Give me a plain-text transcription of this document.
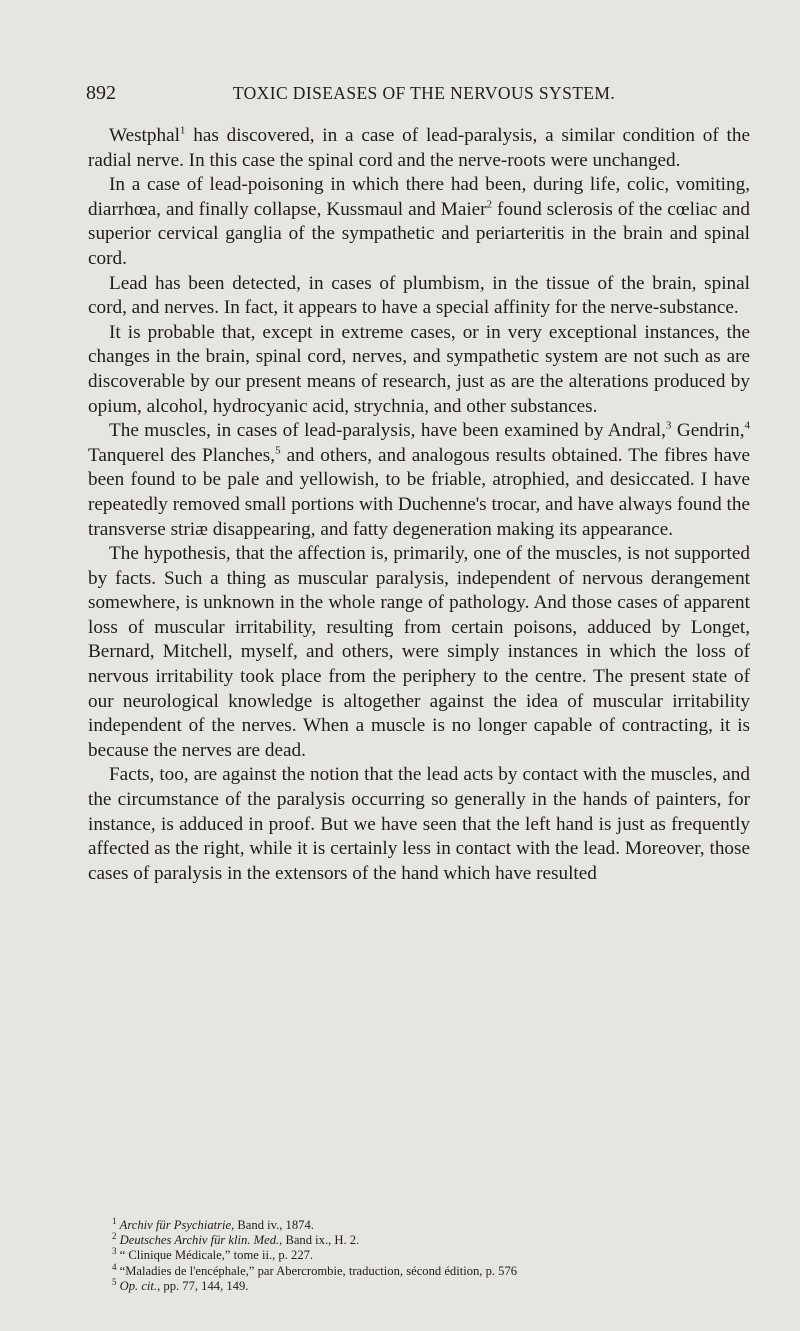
892	TOXIC DISEASES OF THE NERVOUS SYSTEM.

Westphal$^1$ has discovered, in a case of lead-paralysis, a similar condition of the radial nerve. In this case the spinal cord and the nerve-roots were unchanged.

In a case of lead-poisoning in which there had been, during life, colic, vomiting, diarrhœa, and finally collapse, Kussmaul and Maier$^2$ found sclerosis of the cœliac and superior cervical ganglia of the sympathetic and periarteritis in the brain and spinal cord.

Lead has been detected, in cases of plumbism, in the tissue of the brain, spinal cord, and nerves. In fact, it appears to have a special affinity for the nerve-substance.

It is probable that, except in extreme cases, or in very exceptional instances, the changes in the brain, spinal cord, nerves, and sympathetic system are not such as are discoverable by our present means of research, just as are the alterations produced by opium, alcohol, hydrocyanic acid, strychnia, and other substances.

The muscles, in cases of lead-paralysis, have been examined by Andral,$^3$ Gendrin,$^4$ Tanquerel des Planches,$^5$ and others, and analogous results obtained. The fibres have been found to be pale and yellowish, to be friable, atrophied, and desiccated. I have repeatedly removed small portions with Duchenne's trocar, and have always found the transverse striæ disappearing, and fatty degeneration making its appearance.

The hypothesis, that the affection is, primarily, one of the muscles, is not supported by facts. Such a thing as muscular paralysis, independent of nervous derangement somewhere, is unknown in the whole range of pathology. And those cases of apparent loss of muscular irritability, resulting from certain poisons, adduced by Longet, Bernard, Mitchell, myself, and others, were simply instances in which the loss of nervous irritability took place from the periphery to the centre. The present state of our neurological knowledge is altogether against the idea of muscular irritability independent of the nerves. When a muscle is no longer capable of contracting, it is because the nerves are dead.

Facts, too, are against the notion that the lead acts by contact with the muscles, and the circumstance of the paralysis occurring so generally in the hands of painters, for instance, is adduced in proof. But we have seen that the left hand is just as frequently affected as the right, while it is certainly less in contact with the lead. Moreover, those cases of paralysis in the extensors of the hand which have resulted

$^1$ Archiv für Psychiatrie, Band iv., 1874.
$^2$ Deutsches Archiv für klin. Med., Band ix., H. 2.
$^3$ “ Clinique Médicale,” tome ii., p. 227.
$^4$ “Maladies de l'encéphale,” par Abercrombie, traduction, sécond édition, p. 576
$^5$ Op. cit., pp. 77, 144, 149.
